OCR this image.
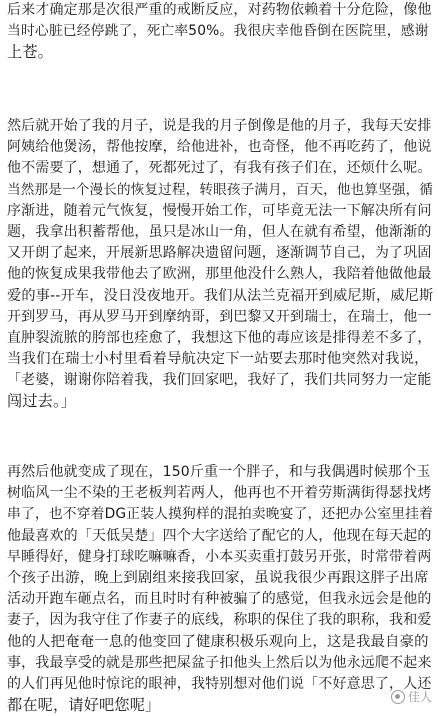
后来才确定那是次很严重的戒断反应，对药物依赖着十分危险，像他
当时心脏已经停跳了，死亡率50%。我很庆幸他昏倒在医院里，感谢
上苍。
然后就开始了我的月子，说是我的月子倒像是他的月子，我每天安排
阿姨给他煲汤，帮他按摩，给他进补，也奇怪，他不再吃药了，他说
他不需要了，想通了，死都死过了，有我有孩子们在，还烦什么呢。
当然那是一个漫长的恢复过程，转眼孩子满月，百天，他也算坚强，循
序渐进，随着元气恢复，慢慢开始工作，可毕竟无法一下解决所有问
题，我拿出积蓄帮他，虽只是冰山一角，但人在就有希望，他渐渐的
又开朗了起来，开展新思路解决遗留问题，逐渐调节自己，为了巩固
他的恢复成果我带他去了欧洲，那里他没什么熟人，我陪着他做他最
爱的事--开车，没日没夜地开。我们从法兰克福开到威尼斯，威尼斯
开到罗马，再从罗马开到摩纳哥，到巴黎又开到瑞士，在瑞士，他一
直肿裂流脓的胯部也痊愈了，我想这下他的毒应该是排得差不多了，
当我们在瑞士小村里看着导航决定下一站要去那时他突然对我说，
「老婆，谢谢你陪着我，我们回家吧，我好了，我们共同努力一定能
闯过去。」
再然后他就变成了现在，150斤重一个胖子，和与我偶遇时候那个玉
树临风一尘不染的王老板判若两人，他再也不开着劳斯满街得瑟找烤
串了，也不穿着DG正装人摸狗样的混拍卖晚宴了，还把办公室里挂着
他最喜欢的「天低吴楚」四个大字送给了配它的人，他现在每天起的
早睡得好，健身打球吃嘛嘛香，小本买卖重打鼓另开张，时常带着两
个孩子出游，晚上到剧组来接我回家，虽说我很少再跟这胖子出席
活动开跑车砸点名，而且时时有种被骗了的感觉，但我永远会是他的
妻子，因为我守住了作妻子的底线，称职的保住了我的职称，我和爱
他的人把奄奄一息的他变回了健康积极乐观向上，这是我最自豪的
事，我最享受的就是那些把屎盆子扣他头上然后以为他永远爬不起来
的人们再见他时惊诧的眼神，我特别想对他们说「不好意思了，人还
都在呢，请好吧您呢」	佳人
